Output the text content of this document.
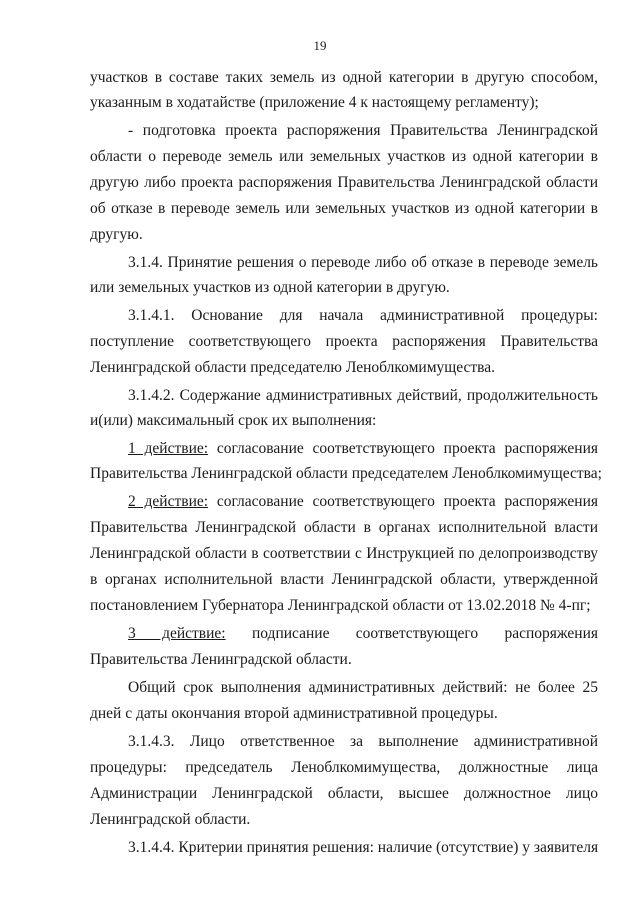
19
участков в составе таких земель из одной категории в другую способом,
указанным в ходатайстве (приложение 4 к настоящему регламенту);
- подготовка проекта распоряжения Правительства Ленинградской
области о переводе земель или земельных участков из одной категории в
другую либо проекта распоряжения Правительства Ленинградской области
об отказе в переводе земель или земельных участков из одной категории в
другую.
3.1.4. Принятие решения о переводе либо об отказе в переводе земель
или земельных участков из одной категории в другую.
3.1.4.1. Основание для начала административной процедуры:
поступление соответствующего проекта распоряжения Правительства
Ленинградской области председателю Леноблкомимущества.
3.1.4.2. Содержание административных действий, продолжительность
и(или) максимальный срок их выполнения:
1 действие: согласование соответствующего проекта распоряжения
Правительства Ленинградской области председателем Леноблкомимущества;
2 действие: согласование соответствующего проекта распоряжения
Правительства Ленинградской области в органах исполнительной власти
Ленинградской области в соответствии с Инструкцией по делопроизводству
в органах исполнительной власти Ленинградской области, утвержденной
постановлением Губернатора Ленинградской области от 13.02.2018 № 4-пг;
3 действие: подписание соответствующего распоряжения
Правительства Ленинградской области.
Общий срок выполнения административных действий: не более 25
дней с даты окончания второй административной процедуры.
3.1.4.3. Лицо ответственное за выполнение административной
процедуры: председатель Леноблкомимущества, должностные лица
Администрации Ленинградской области, высшее должностное лицо
Ленинградской области.
3.1.4.4. Критерии принятия решения: наличие (отсутствие) у заявителя
